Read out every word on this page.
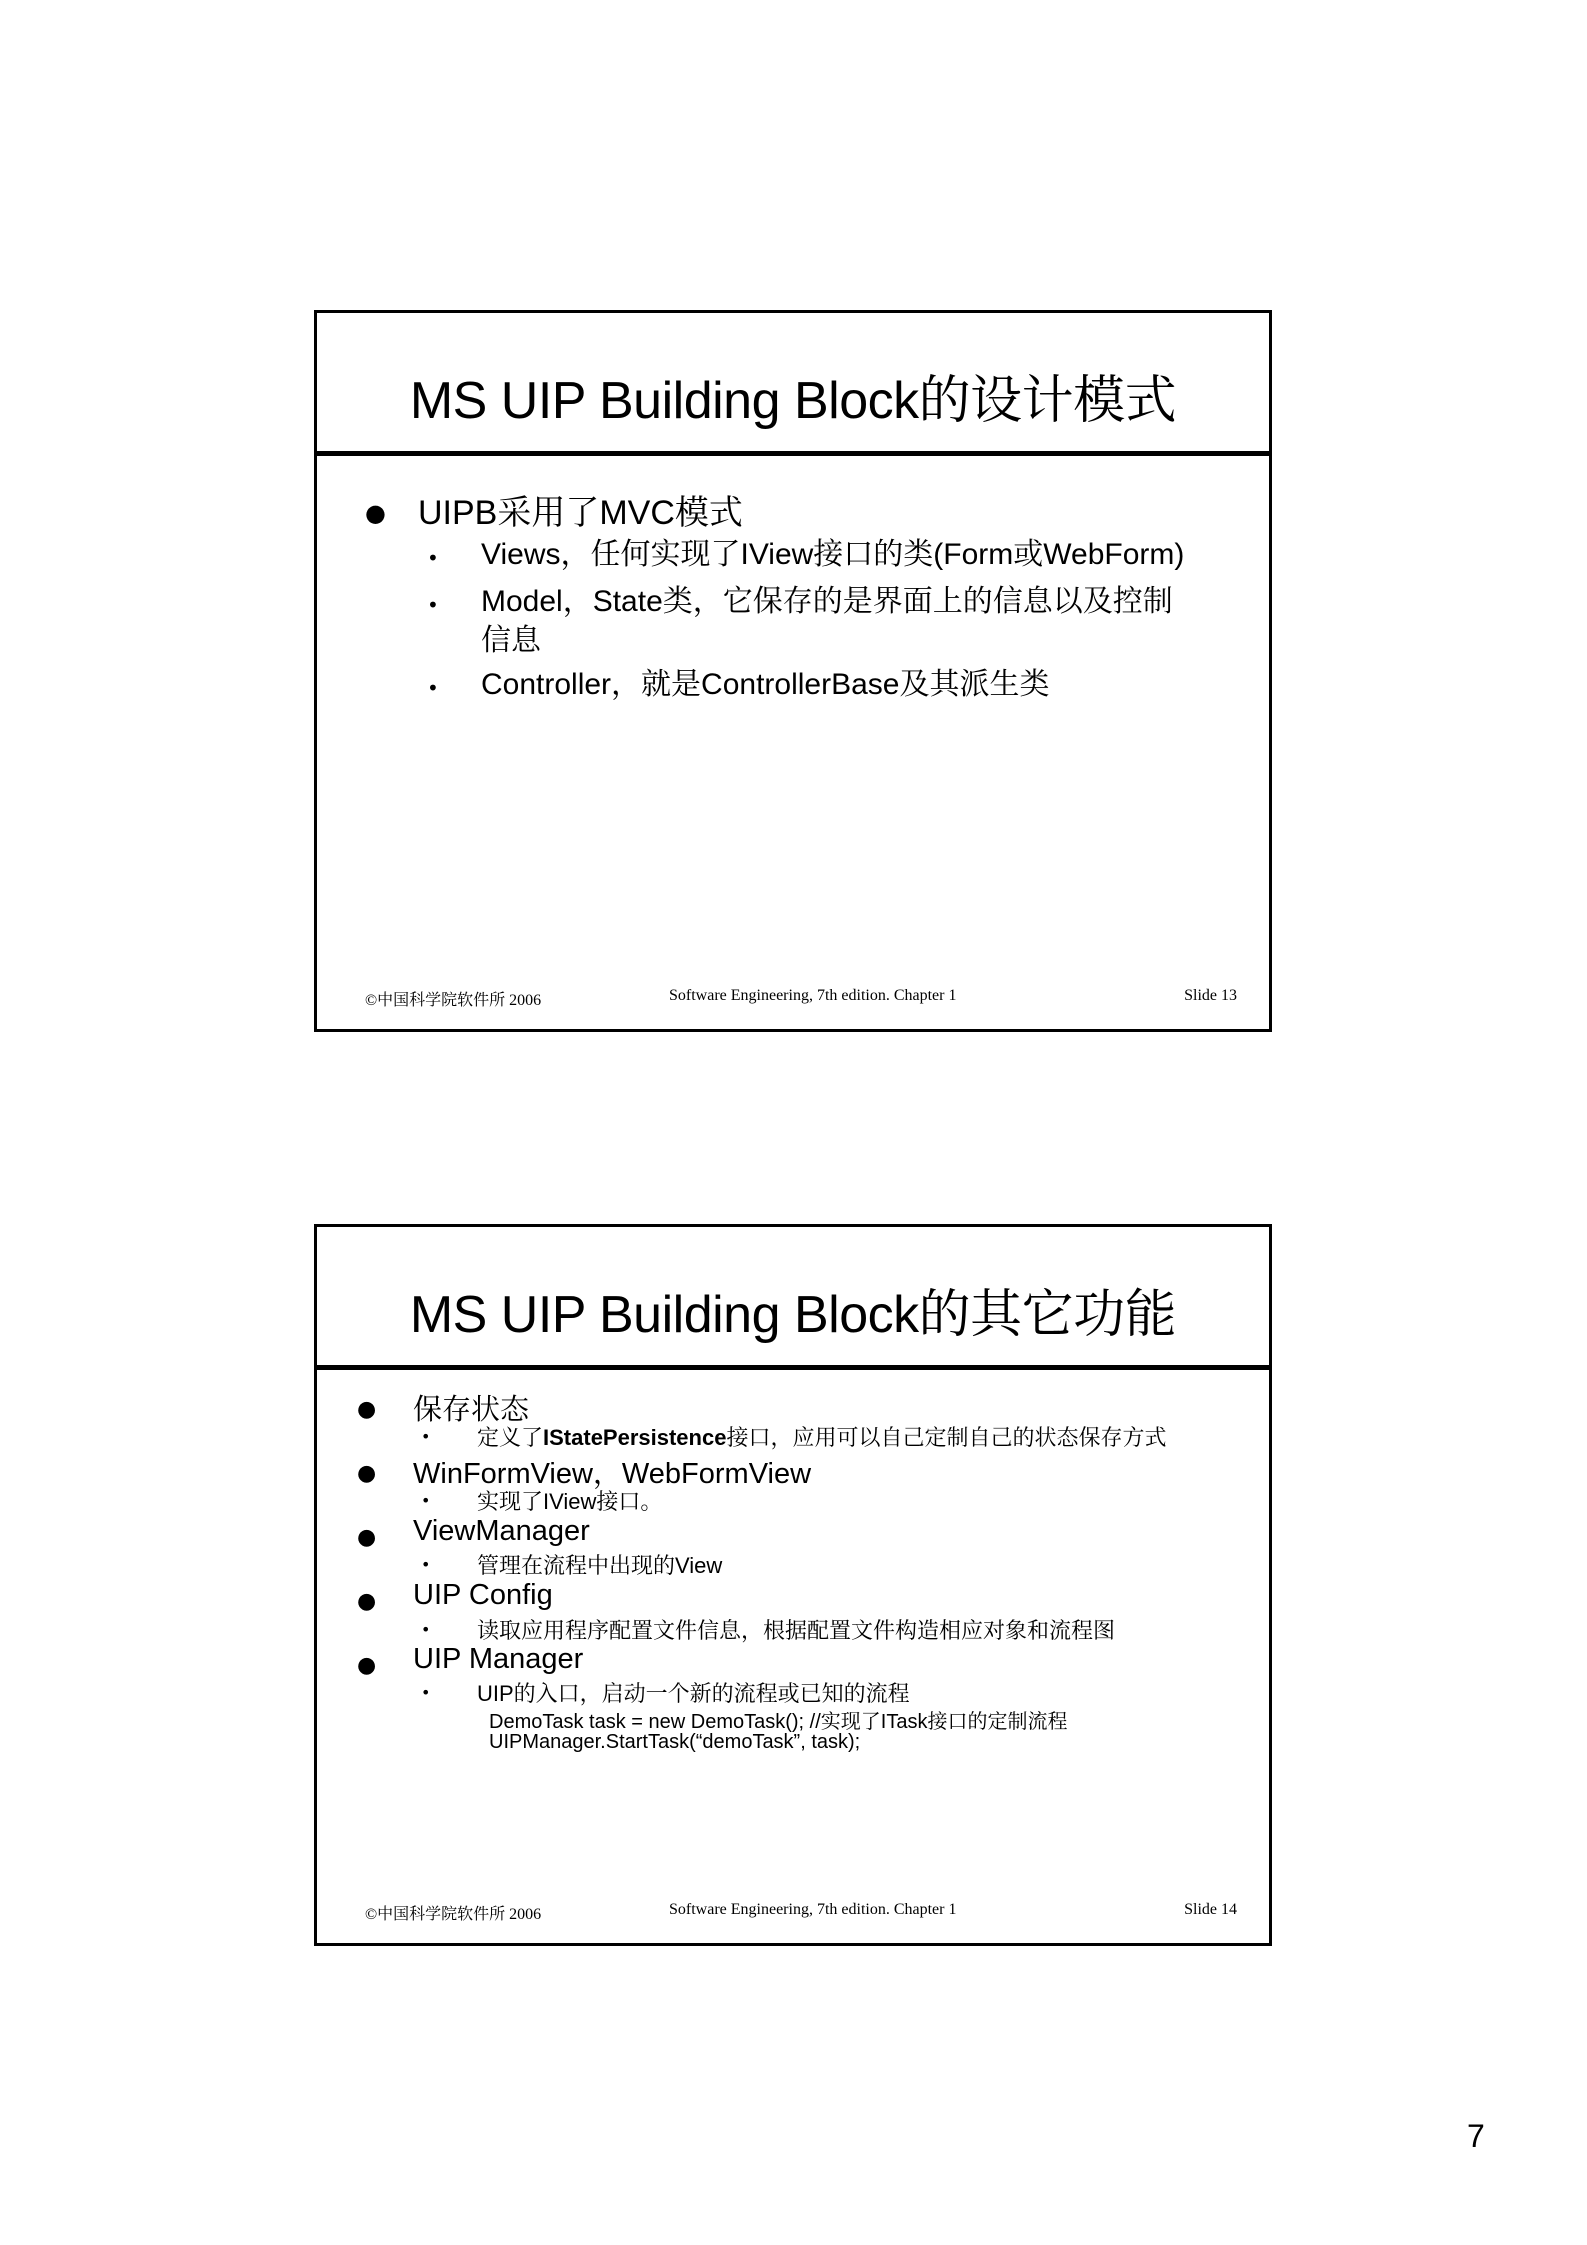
MS UIP Building Block的设计模式
● UIPB采用了MVC模式
• Views，任何实现了IView接口的类(Form或WebForm)
• Model，State类，它保存的是界面上的信息以及控制
信息
• Controller，就是ControllerBase及其派生类
©中国科学院软件所 2006	Software Engineering, 7th edition. Chapter 1	Slide 13
MS UIP Building Block的其它功能
● 保存状态
• 定义了IStatePersistence接口，应用可以自己定制自己的状态保存方式
● WinFormView，WebFormView
• 实现了IView接口。
● ViewManager
• 管理在流程中出现的View
● UIP Config
• 读取应用程序配置文件信息，根据配置文件构造相应对象和流程图
● UIP Manager
• UIP的入口，启动一个新的流程或已知的流程
DemoTask task = new DemoTask(); //实现了ITask接口的定制流程
UIPManager.StartTask(“demoTask”, task);
©中国科学院软件所 2006	Software Engineering, 7th edition. Chapter 1	Slide 14
7
